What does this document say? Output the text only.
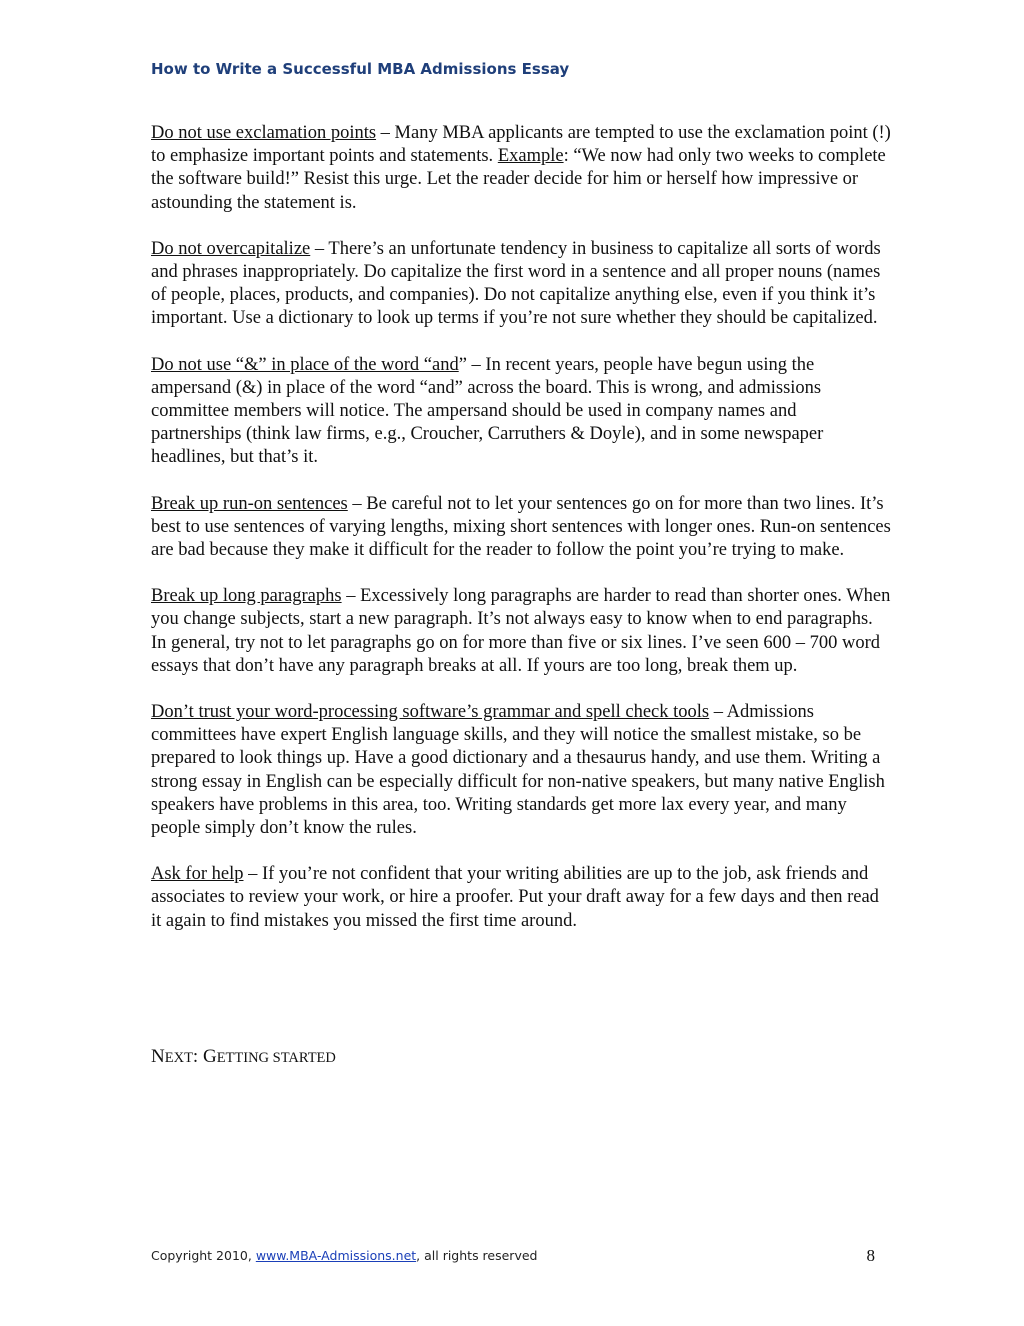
How to Write a Successful MBA Admissions Essay

Do not use exclamation points – Many MBA applicants are tempted to use the exclamation point (!) to emphasize important points and statements. Example: “We now had only two weeks to complete the software build!” Resist this urge. Let the reader decide for him or herself how impressive or astounding the statement is.

Do not overcapitalize – There’s an unfortunate tendency in business to capitalize all sorts of words and phrases inappropriately. Do capitalize the first word in a sentence and all proper nouns (names of people, places, products, and companies). Do not capitalize anything else, even if you think it’s important. Use a dictionary to look up terms if you’re not sure whether they should be capitalized.

Do not use “&” in place of the word “and” – In recent years, people have begun using the ampersand (&) in place of the word “and” across the board. This is wrong, and admissions committee members will notice. The ampersand should be used in company names and partnerships (think law firms, e.g., Croucher, Carruthers & Doyle), and in some newspaper headlines, but that’s it.

Break up run-on sentences – Be careful not to let your sentences go on for more than two lines. It’s best to use sentences of varying lengths, mixing short sentences with longer ones. Run-on sentences are bad because they make it difficult for the reader to follow the point you’re trying to make.

Break up long paragraphs – Excessively long paragraphs are harder to read than shorter ones. When you change subjects, start a new paragraph. It’s not always easy to know when to end paragraphs. In general, try not to let paragraphs go on for more than five or six lines. I’ve seen 600 – 700 word essays that don’t have any paragraph breaks at all. If yours are too long, break them up.

Don’t trust your word-processing software’s grammar and spell check tools – Admissions committees have expert English language skills, and they will notice the smallest mistake, so be prepared to look things up. Have a good dictionary and a thesaurus handy, and use them. Writing a strong essay in English can be especially difficult for non-native speakers, but many native English speakers have problems in this area, too. Writing standards get more lax every year, and many people simply don’t know the rules.

Ask for help – If you’re not confident that your writing abilities are up to the job, ask friends and associates to review your work, or hire a proofer. Put your draft away for a few days and then read it again to find mistakes you missed the first time around.

NEXT: GETTING STARTED
Copyright 2010, www.MBA-Admissions.net, all rights reserved	8
